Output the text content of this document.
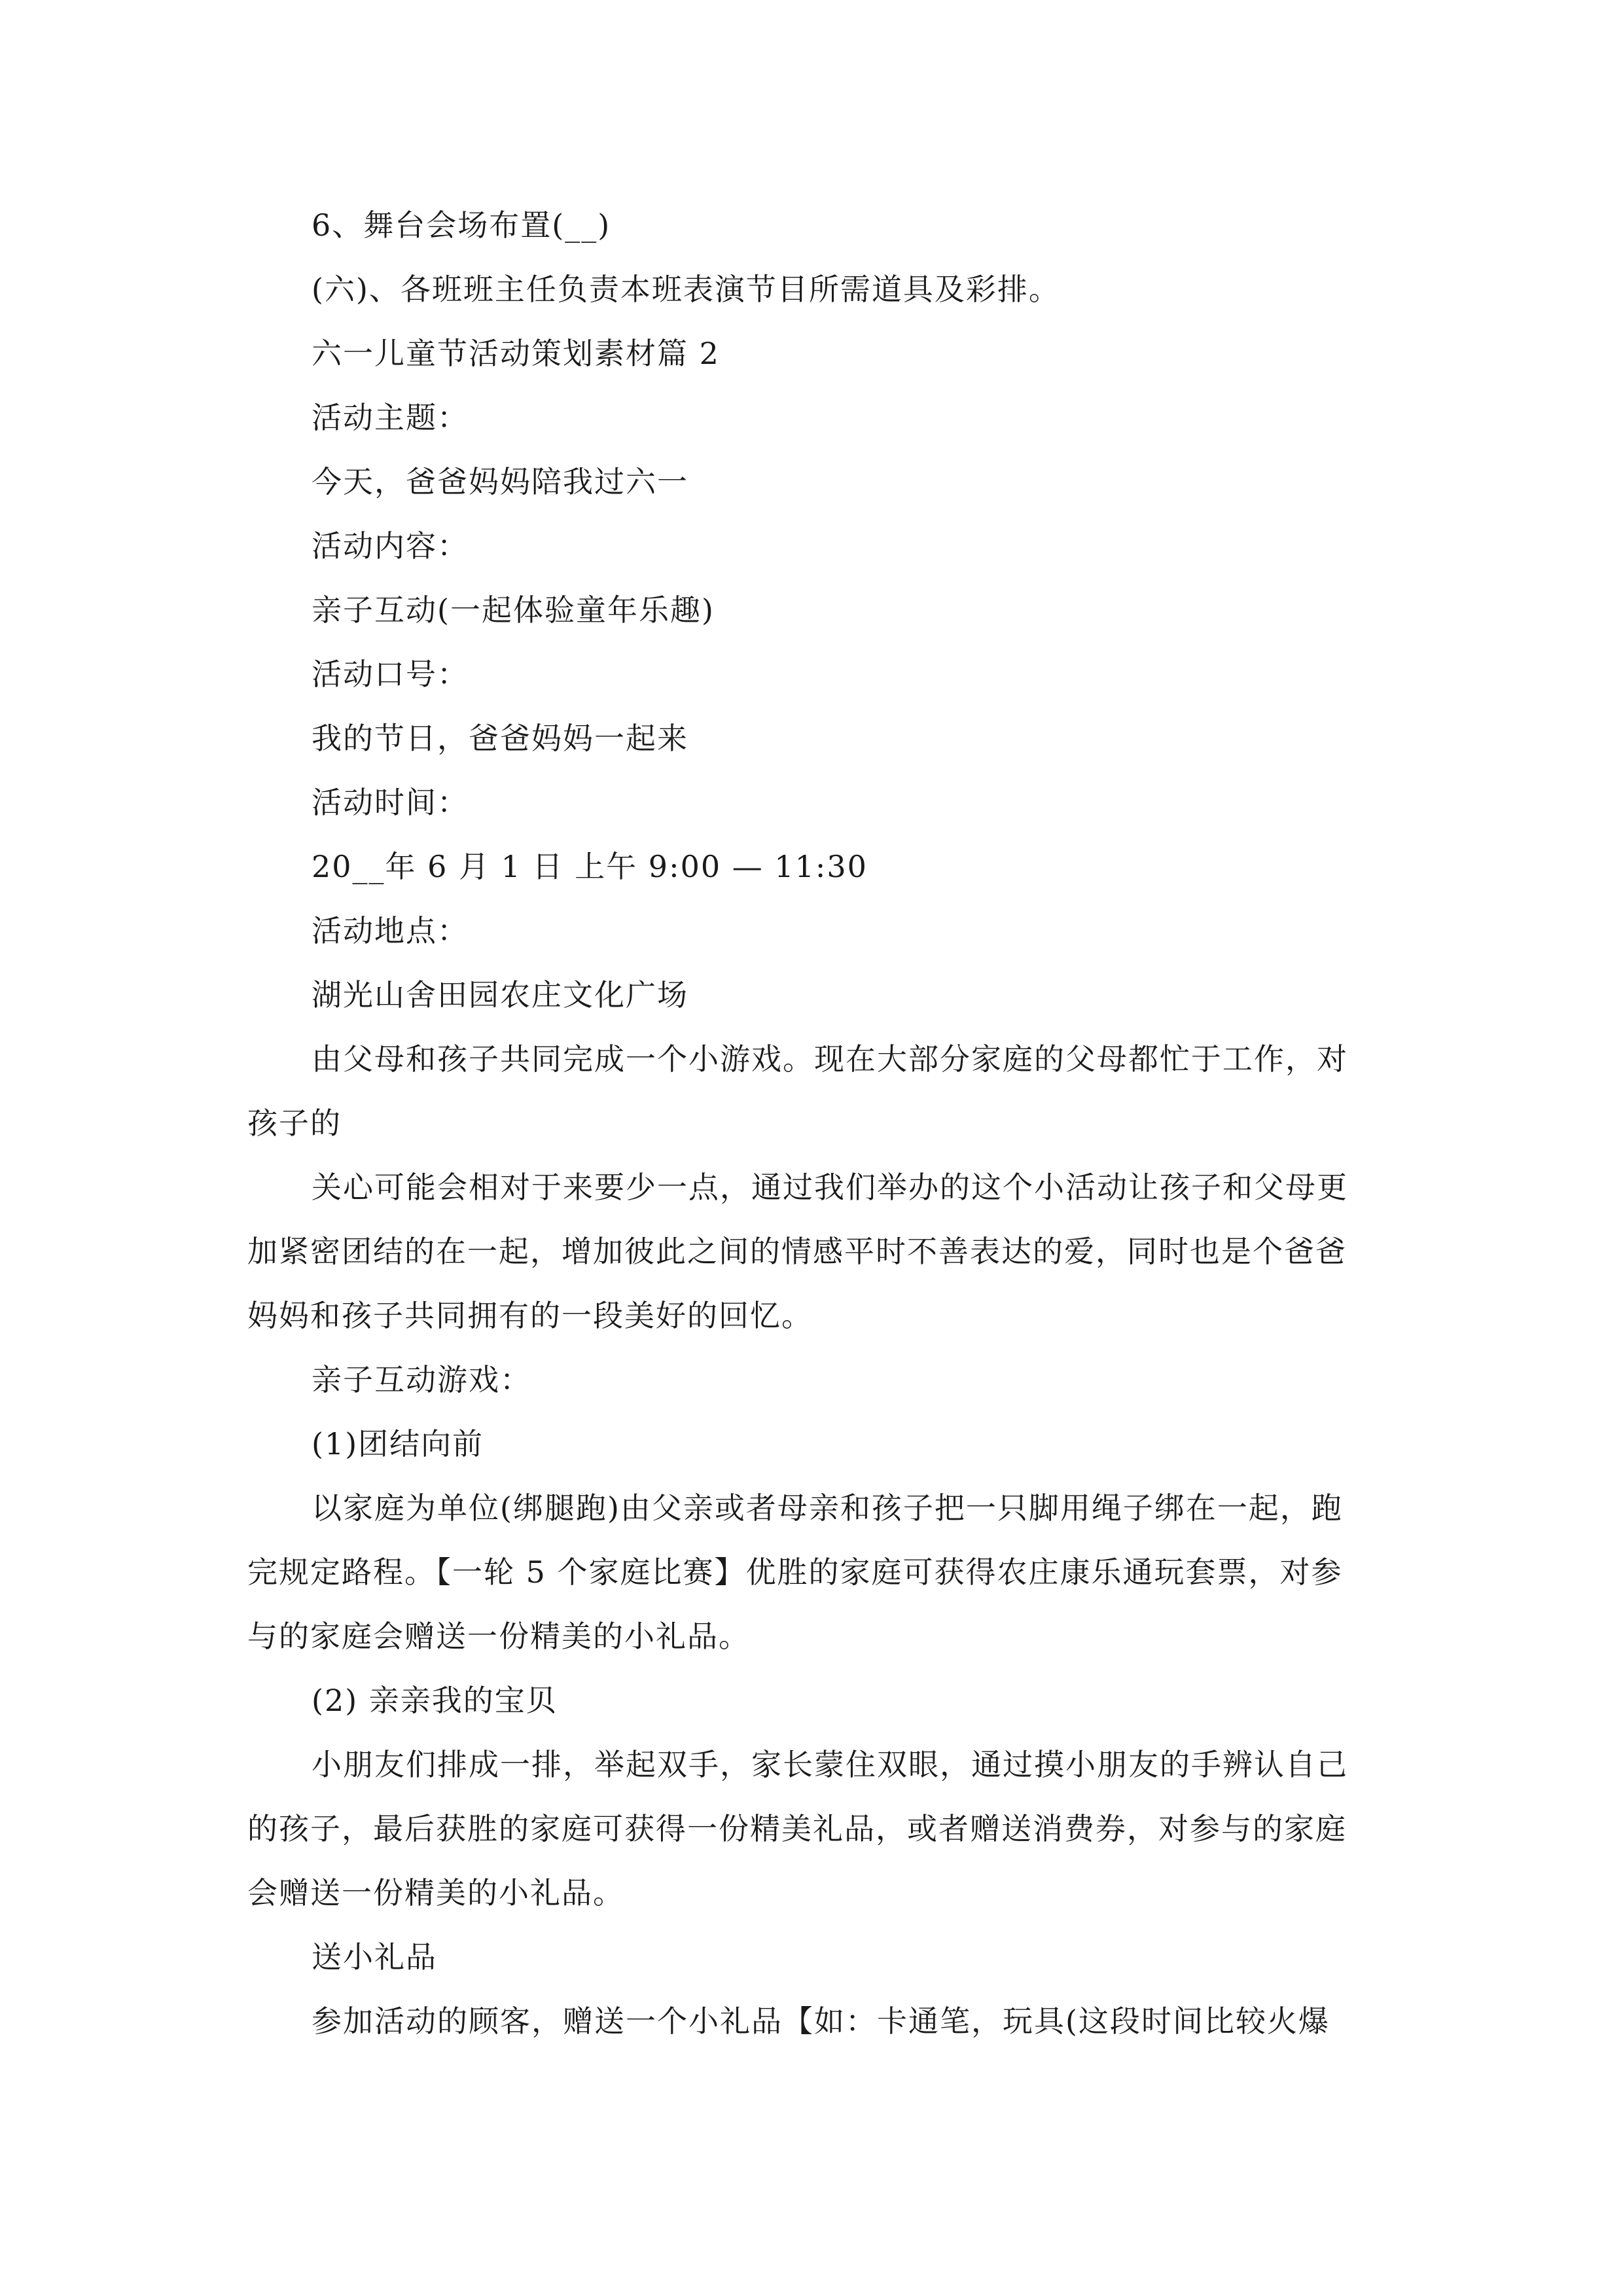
6、舞台会场布置(__)
(六)、各班班主任负责本班表演节目所需道具及彩排。
六一儿童节活动策划素材篇 2
活动主题：
今天，爸爸妈妈陪我过六一
活动内容：
亲子互动(一起体验童年乐趣)
活动口号：
我的节日，爸爸妈妈一起来
活动时间：
20__年 6 月 1 日 上午 9:00 — 11:30
活动地点：
湖光山舍田园农庄文化广场
由父母和孩子共同完成一个小游戏。现在大部分家庭的父母都忙于工作，对
孩子的
关心可能会相对于来要少一点，通过我们举办的这个小活动让孩子和父母更
加紧密团结的在一起，增加彼此之间的情感平时不善表达的爱，同时也是个爸爸
妈妈和孩子共同拥有的一段美好的回忆。
亲子互动游戏：
(1)团结向前
以家庭为单位(绑腿跑)由父亲或者母亲和孩子把一只脚用绳子绑在一起，跑
完规定路程。【一轮 5 个家庭比赛】优胜的家庭可获得农庄康乐通玩套票，对参
与的家庭会赠送一份精美的小礼品。
(2) 亲亲我的宝贝
小朋友们排成一排，举起双手，家长蒙住双眼，通过摸小朋友的手辨认自己
的孩子，最后获胜的家庭可获得一份精美礼品，或者赠送消费券，对参与的家庭
会赠送一份精美的小礼品。
送小礼品
参加活动的顾客，赠送一个小礼品【如：卡通笔，玩具(这段时间比较火爆
